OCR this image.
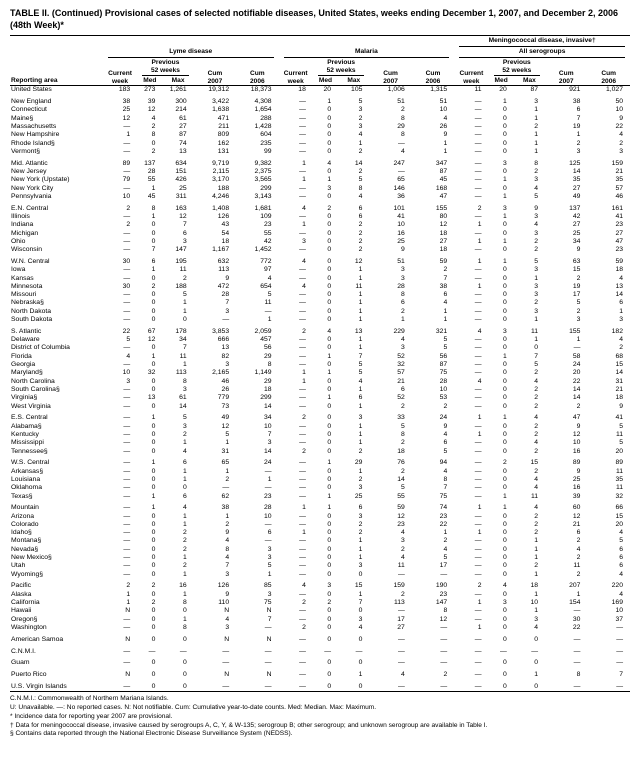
TABLE II. (Continued) Provisional cases of selected notifiable diseases, United States, weeks ending December 1, 2007, and December 2, 2006
(48th Week)*
Reporting area											Meningococcal disease, invasive†				

	Lyme disease					Malaria					All serogroups				

Current
week

Previous
52 weeks	Cum
2007

Cum
2006

Current
week

Previous
52 weeks	Cum
2007

Cum
2006

Current
week

Previous
52 weeks	Cum
2007

Cum
2006

		Med	Max				Med	Max				Med	Max		
United States	183	273	1,261	19,312	18,373	18	20	105	1,006	1,315	11	20	87	921	1,027

New England	38	39	300	3,422	4,308	—	1	5	51	51	—	1	3	38	50
Connecticut	25	12	214	1,638	1,654	—	0	3	2	10	—	0	1	6	10
Maine§	12	4	61	471	288	—	0	2	8	4	—	0	1	7	9
Massachusetts	—	2	27	211	1,428	—	0	3	29	26	—	0	2	19	22
New Hampshire	1	8	87	809	604	—	0	4	8	9	—	0	1	1	4
Rhode Island§	—	0	74	162	235	—	0	1	—	1	—	0	1	2	2
Vermont§	—	2	13	131	99	—	0	2	4	1	—	0	1	3	3

Mid. Atlantic	89	137	634	9,719	9,382	1	4	14	247	347	—	3	8	125	159
New Jersey	—	28	151	2,115	2,375	—	0	2	—	87	—	0	2	14	21
New York (Upstate)	79	55	426	3,170	3,565	1	1	5	65	45	—	1	3	35	35
New York City	—	1	25	188	299	—	3	8	146	168	—	0	4	27	57
Pennsylvania	10	45	311	4,246	3,143	—	0	4	36	47	—	1	5	49	46

E.N. Central	2	8	163	1,408	1,681	4	2	6	101	155	2	3	9	137	161
Illinois	—	1	12	126	109	—	0	6	41	80	—	1	3	42	41
Indiana	2	0	7	43	23	1	0	2	10	12	1	0	4	27	23
Michigan	—	0	6	54	55	—	0	2	16	18	—	0	3	25	27
Ohio	—	0	3	18	42	3	0	2	25	27	1	1	2	34	47
Wisconsin	—	7	147	1,167	1,452	—	0	2	9	18	—	0	2	9	23

W.N. Central	30	6	195	632	772	4	0	12	51	59	1	1	5	63	59
Iowa	—	1	11	113	97	—	0	1	3	2	—	0	3	15	18
Kansas	—	0	2	9	4	—	0	1	3	7	—	0	1	2	4
Minnesota	30	2	188	472	654	4	0	11	28	38	1	0	3	19	13
Missouri	—	0	5	28	5	—	0	1	8	6	—	0	3	17	14
Nebraska§	—	0	1	7	11	—	0	1	6	4	—	0	2	5	6
North Dakota	—	0	1	3	—	—	0	1	2	1	—	0	3	2	1
South Dakota	—	0	0	—	1	—	0	1	1	1	—	0	1	3	3

S. Atlantic	22	67	178	3,853	2,059	2	4	13	229	321	4	3	11	155	182
Delaware	5	12	34	666	457	—	0	1	4	5	—	0	1	1	4
District of Columbia	—	0	7	13	56	—	0	1	3	5	—	0	0	—	2
Florida	4	1	11	82	29	—	1	7	52	56	—	1	7	58	68
Georgia	—	0	1	3	8	—	0	5	32	87	—	0	5	24	15
Maryland§	10	32	113	2,165	1,149	1	1	5	57	75	—	0	2	20	14
North Carolina	3	0	8	46	29	1	0	4	21	28	4	0	4	22	31
South Carolina§	—	0	3	26	18	—	0	1	6	10	—	0	2	14	21
Virginia§	—	13	61	779	299	—	1	6	52	53	—	0	2	14	18
West Virginia	—	0	14	73	14	—	0	1	2	2	—	0	2	2	9

E.S. Central	—	1	5	49	34	2	0	3	33	24	1	1	4	47	41
Alabama§	—	0	3	12	10	—	0	1	5	9	—	0	2	9	5
Kentucky	—	0	2	5	7	—	0	1	8	4	1	0	2	12	11
Mississippi	—	0	1	1	3	—	0	1	2	6	—	0	4	10	5
Tennessee§	—	0	4	31	14	2	0	2	18	5	—	0	2	16	20

W.S. Central	—	1	6	65	24	—	1	29	76	94	—	2	15	89	89
Arkansas§	—	0	1	1	—	—	0	1	2	4	—	0	2	9	11
Louisiana	—	0	1	2	1	—	0	2	14	8	—	0	4	25	35
Oklahoma	—	0	0	—	—	—	0	3	5	7	—	0	4	16	11
Texas§	—	1	6	62	23	—	1	25	55	75	—	1	11	39	32

Mountain	—	1	4	38	28	1	1	6	59	74	1	1	4	60	66
Arizona	—	0	1	1	10	—	0	3	12	23	—	0	2	12	15
Colorado	—	0	1	2	—	—	0	2	23	22	—	0	2	21	20
Idaho§	—	0	2	9	6	1	0	2	4	1	1	0	2	6	4
Montana§	—	0	2	4	—	—	0	1	3	2	—	0	1	2	5
Nevada§	—	0	2	8	3	—	0	1	2	4	—	0	1	4	6
New Mexico§	—	0	1	4	3	—	0	1	4	5	—	0	1	2	6
Utah	—	0	2	7	5	—	0	3	11	17	—	0	2	11	6
Wyoming§	—	0	1	3	1	—	0	0	—	—	—	0	1	2	4

Pacific	2	2	16	126	85	4	3	15	159	190	2	4	18	207	220
Alaska	1	0	1	9	3	—	0	1	2	23	—	0	1	1	4
California	1	2	8	110	75	2	2	7	113	147	1	3	10	154	169
Hawaii	N	0	0	N	N	—	0	0	—	8	—	0	1	—	10
Oregon§	—	0	1	4	7	—	0	3	17	12	—	0	3	30	37
Washington	—	0	8	3	—	2	0	4	27	—	1	0	4	22	—

American Samoa	N	0	0	N	N	—	0	0	—	—	—	0	0	—	—

C.N.M.I.	—	—	—	—	—	—	—	—	—	—	—	—	—	—	—

Guam	—	0	0	—	—	—	0	0	—	—	—	0	0	—	—

Puerto Rico	N	0	0	N	N	—	0	1	4	2	—	0	1	8	7

U.S. Virgin Islands	—	0	0	—	—	—	0	0	—	—	—	0	0	—	—
C.N.M.I.: Commonwealth of Northern Mariana Islands.
U: Unavailable. —: No reported cases. N: Not notifiable. Cum: Cumulative year-to-date counts. Med: Median. Max: Maximum.
* Incidence data for reporting year 2007 are provisional.
† Data for meningococcal disease, invasive caused by serogroups A, C, Y, & W-135; serogroup B; other serogroup; and unknown serogroup are available in Table I.
§ Contains data reported through the National Electronic Disease Surveillance System (NEDSS).
